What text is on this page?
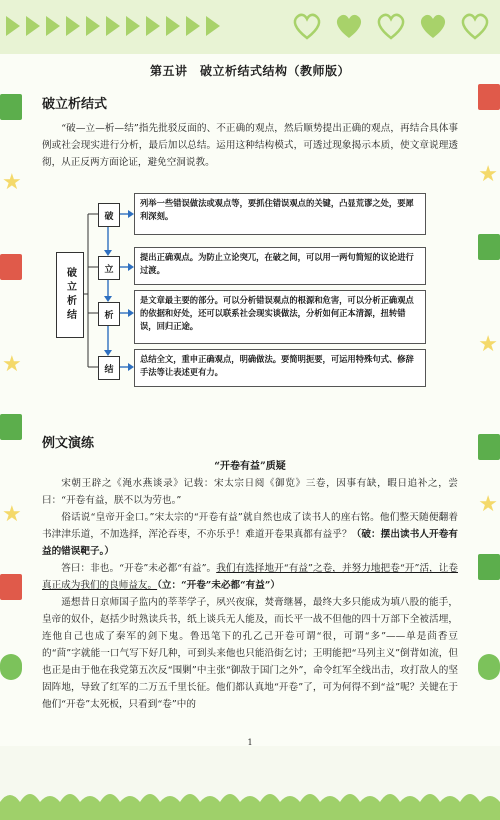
★
★
★
★
★
★
第五讲　破立析结式结构（教师版）
破立析结式

“破—立—析—结”指先批驳反面的、不正确的观点，然后顺势提出正确的观点，再结合具体事例或社会现实进行分析，最后加以总结。运用这种结构模式，可透过现象揭示本质，使文章说理透彻，从正反两方面论证，避免空洞说教。

破立析结
破
列举一些错误做法或观点等，要抓住错误观点的关键，凸显荒谬之处，要犀利深刻。
立
提出正确观点。为防止立论突兀，在破之间，可以用一两句简短的议论进行过渡。
析
是文章最主要的部分。可以分析错误观点的根源和危害，可以分析正确观点的依据和好处，还可以联系社会现实谈做法，分析如何正本清源，扭转错误，回归正途。
结
总结全文，重申正确观点，明确做法。要简明扼要，可运用特殊句式、修辞手法等让表述更有力。
例文演练
“开卷有益”质疑

宋朝王辟之《渑水燕谈录》记载：宋太宗日阅《御览》三卷，因事有缺，暇日追补之，尝曰：“开卷有益，朕不以为劳也。”

俗话说“皇帝开金口。”宋太宗的“开卷有益”就自然也成了读书人的座右铭。他们整天随便翻着书津津乐道，不加选择，浑沦吞枣，不亦乐乎！难道开卷果真都有益乎？（破：摆出读书人开卷有益的错误靶子。）

答曰：非也。“开卷”未必都“有益”。我们有选择地开“有益”之卷，并努力地把卷“开”活，让卷真正成为我们的良师益友。（立：“开卷”未必都“有益”）

遥想昔日京师国子监内的莘莘学子，夙兴夜寐，焚膏继晷，最终大多只能成为填八股的能手，皇帝的奴仆，赵括少时熟读兵书，纸上谈兵无人能及，而长平一战不但他的四十万部下全被活埋，连他自己也成了秦军的剑下鬼。鲁迅笔下的孔乙己开卷可谓“很，可谓“多”——单是茴香豆的“茴”字就能一口气写下好几种，可到头来他也只能沿街乞讨；王明能把“马列主义”倒背如流，但也正是由于他在我党第五次反“围剿”中主张“御敌于国门之外”，命令红军全线出击，攻打敌人的坚固阵地，导致了红军的二万五千里长征。他们都认真地“开卷”了，可为何得不到“益”呢？关键在于他们“开卷”太死板，只看到“卷”中的

1
